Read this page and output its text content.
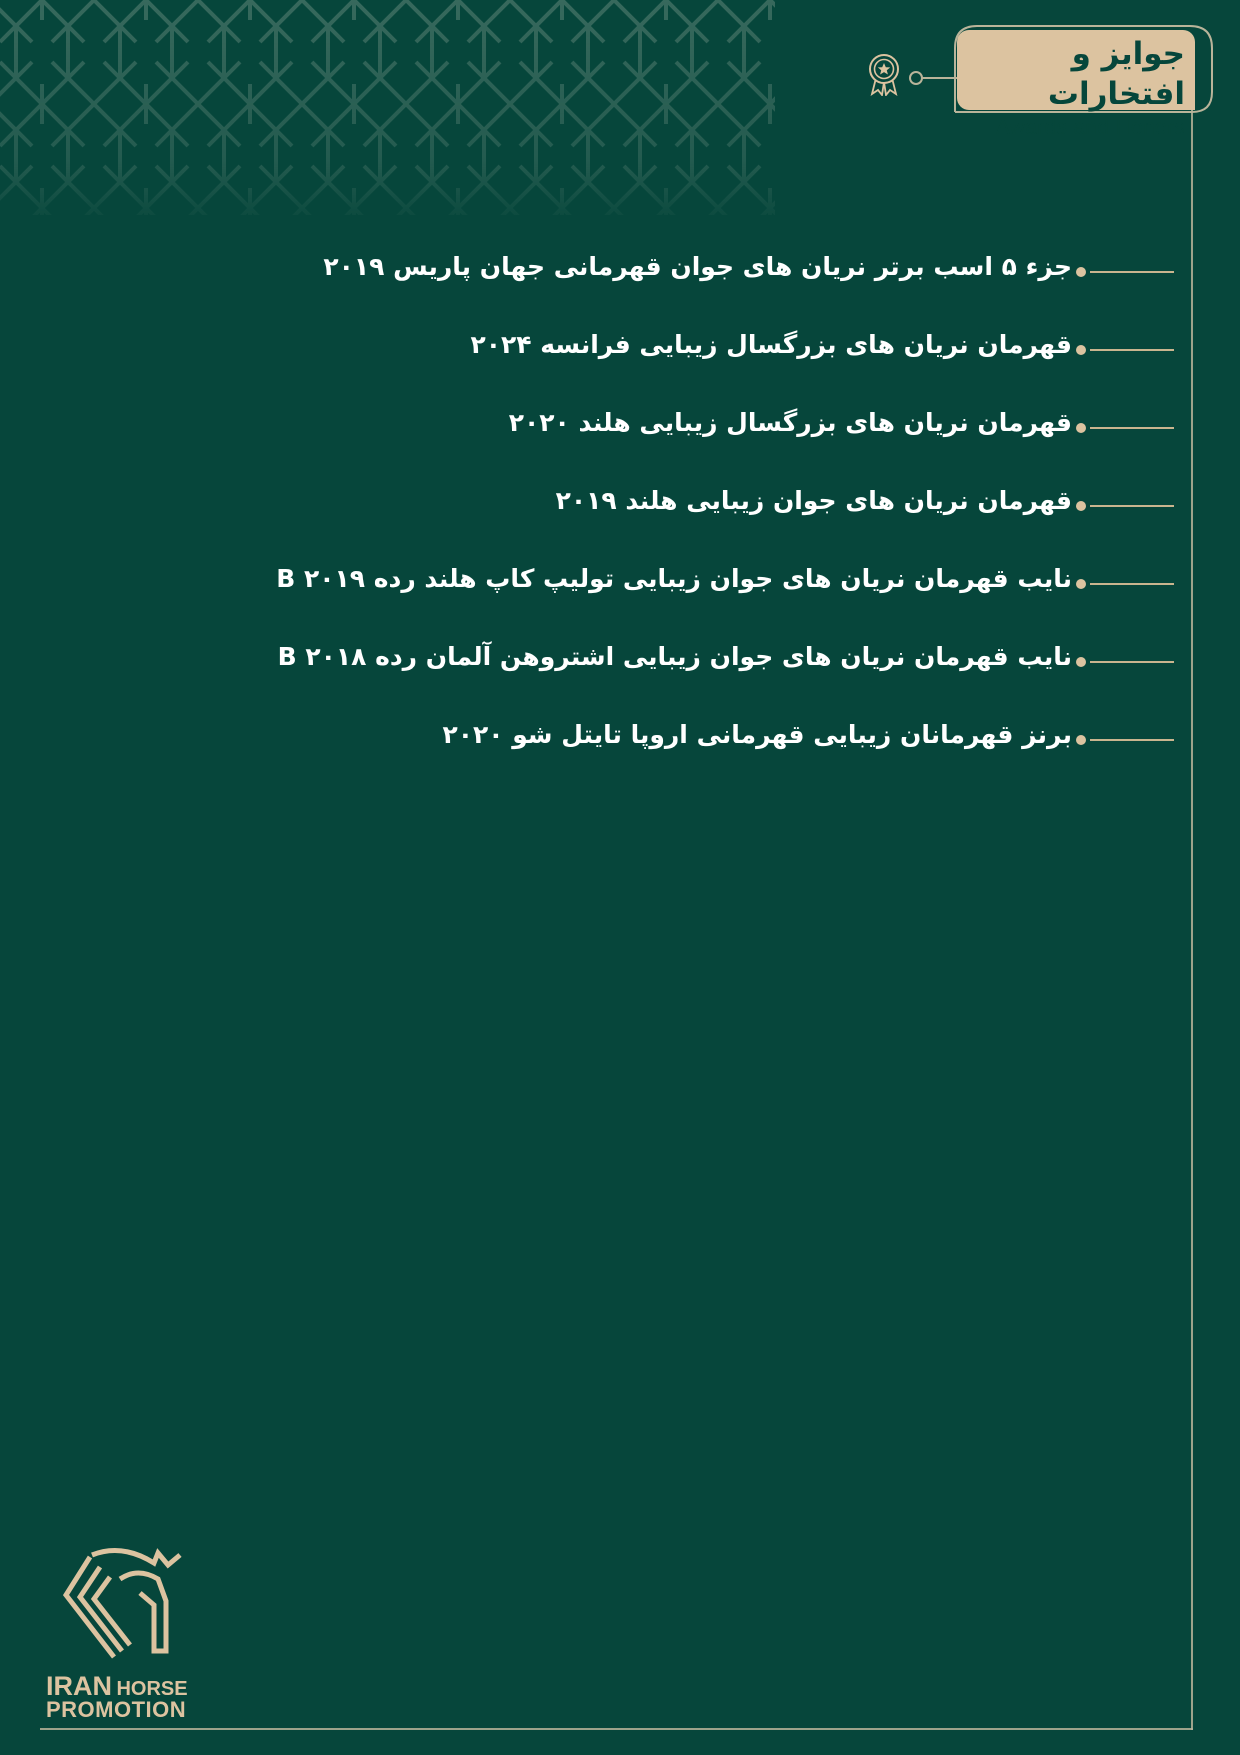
جوایز و افتخارات
Awards and Honors
جزء ۵ اسب برتر نریان های جوان قهرمانی جهان پاریس ۲۰۱۹
قهرمان نریان های بزرگسال زیبایی فرانسه ۲۰۲۴
قهرمان نریان های بزرگسال زیبایی هلند ۲۰۲۰
قهرمان نریان های جوان زیبایی هلند ۲۰۱۹
نایب قهرمان نریان های جوان زیبایی تولیپ کاپ هلند رده B ۲۰۱۹
نایب قهرمان نریان های جوان زیبایی اشتروهن آلمان رده B ۲۰۱۸
برنز قهرمانان زیبایی قهرمانی اروپا تایتل شو ۲۰۲۰
IRAN HORSE
PROMOTION
